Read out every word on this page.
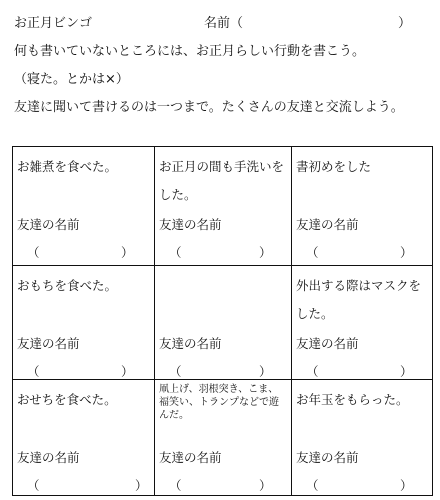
お正月ビンゴ	名前（	）
何も書いていないところには、お正月らしい行動を書こう。
（寝た。とかは×）
友達に聞いて書けるのは一つまで。たくさんの友達と交流しよう。
お雑煮を食べた。
友達の名前
（	）
お正月の間も手洗いをした。
友達の名前
（	）
書初めをした
友達の名前
（	）
おもちを食べた。
友達の名前
（	）
友達の名前
（	）
外出する際はマスクをした。
友達の名前
（	）
おせちを食べた。
友達の名前
（	）
凧上げ、羽根突き、こま、福笑い、トランプなどで遊んだ。
友達の名前
（	）
お年玉をもらった。
友達の名前
（	）
